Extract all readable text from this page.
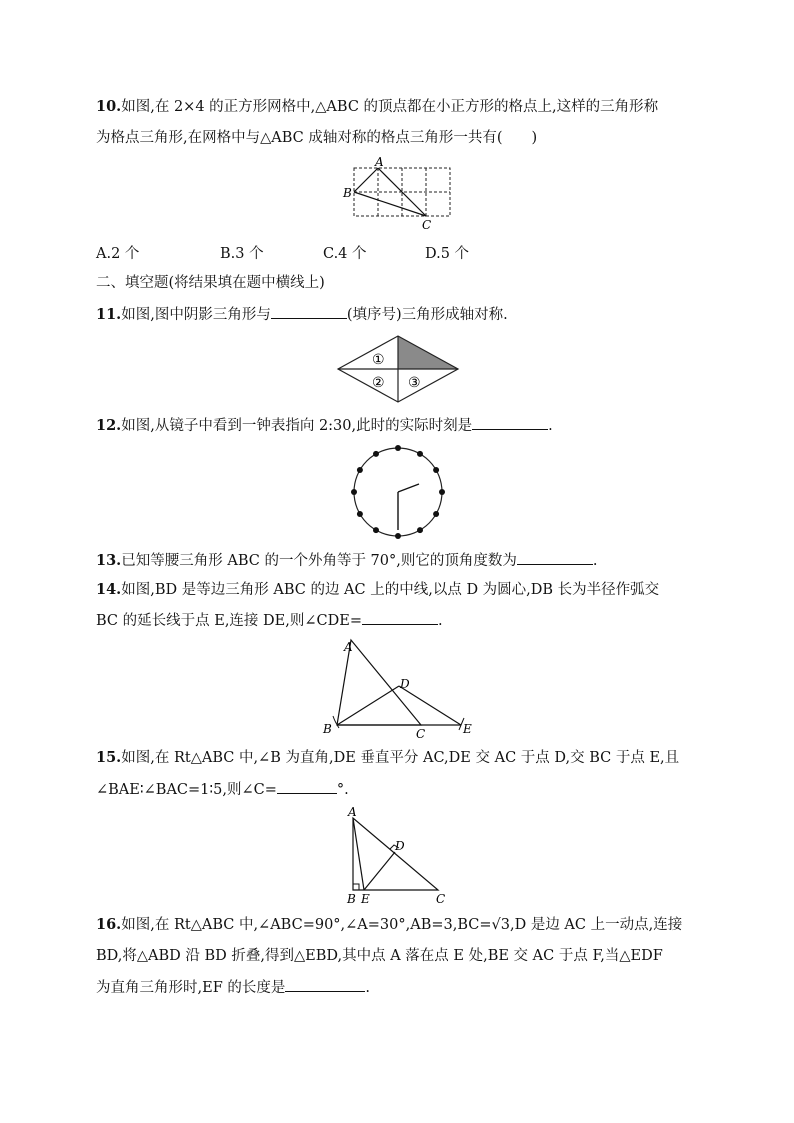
10.如图,在 2×4 的正方形网格中,△ABC 的顶点都在小正方形的格点上,这样的三角形称
为格点三角形,在网格中与△ABC 成轴对称的格点三角形一共有(　　)
A
B
C
A.2 个	B.3 个	C.4 个	D.5 个
二、填空题(将结果填在题中横线上)
11.如图,图中阴影三角形与	(填序号)三角形成轴对称.
①
② ③
12.如图,从镜子中看到一钟表指向 2:30,此时的实际时刻是	.
13.已知等腰三角形 ABC 的一个外角等于 70°,则它的顶角度数为	.
14.如图,BD 是等边三角形 ABC 的边 AC 上的中线,以点 D 为圆心,DB 长为半径作弧交
BC 的延长线于点 E,连接 DE,则∠CDE=	.
A
B	C
D
E
15.如图,在 Rt△ABC 中,∠B 为直角,DE 垂直平分 AC,DE 交 AC 于点 D,交 BC 于点 E,且
∠BAE∶∠BAC=1∶5,则∠C=	°.
A
B	C
D
E
16.如图,在 Rt△ABC 中,∠ABC=90°,∠A=30°,AB=3,BC=√3,D 是边 AC 上一动点,连接
BD,将△ABD 沿 BD 折叠,得到△EBD,其中点 A 落在点 E 处,BE 交 AC 于点 F,当△EDF
为直角三角形时,EF 的长度是	.
